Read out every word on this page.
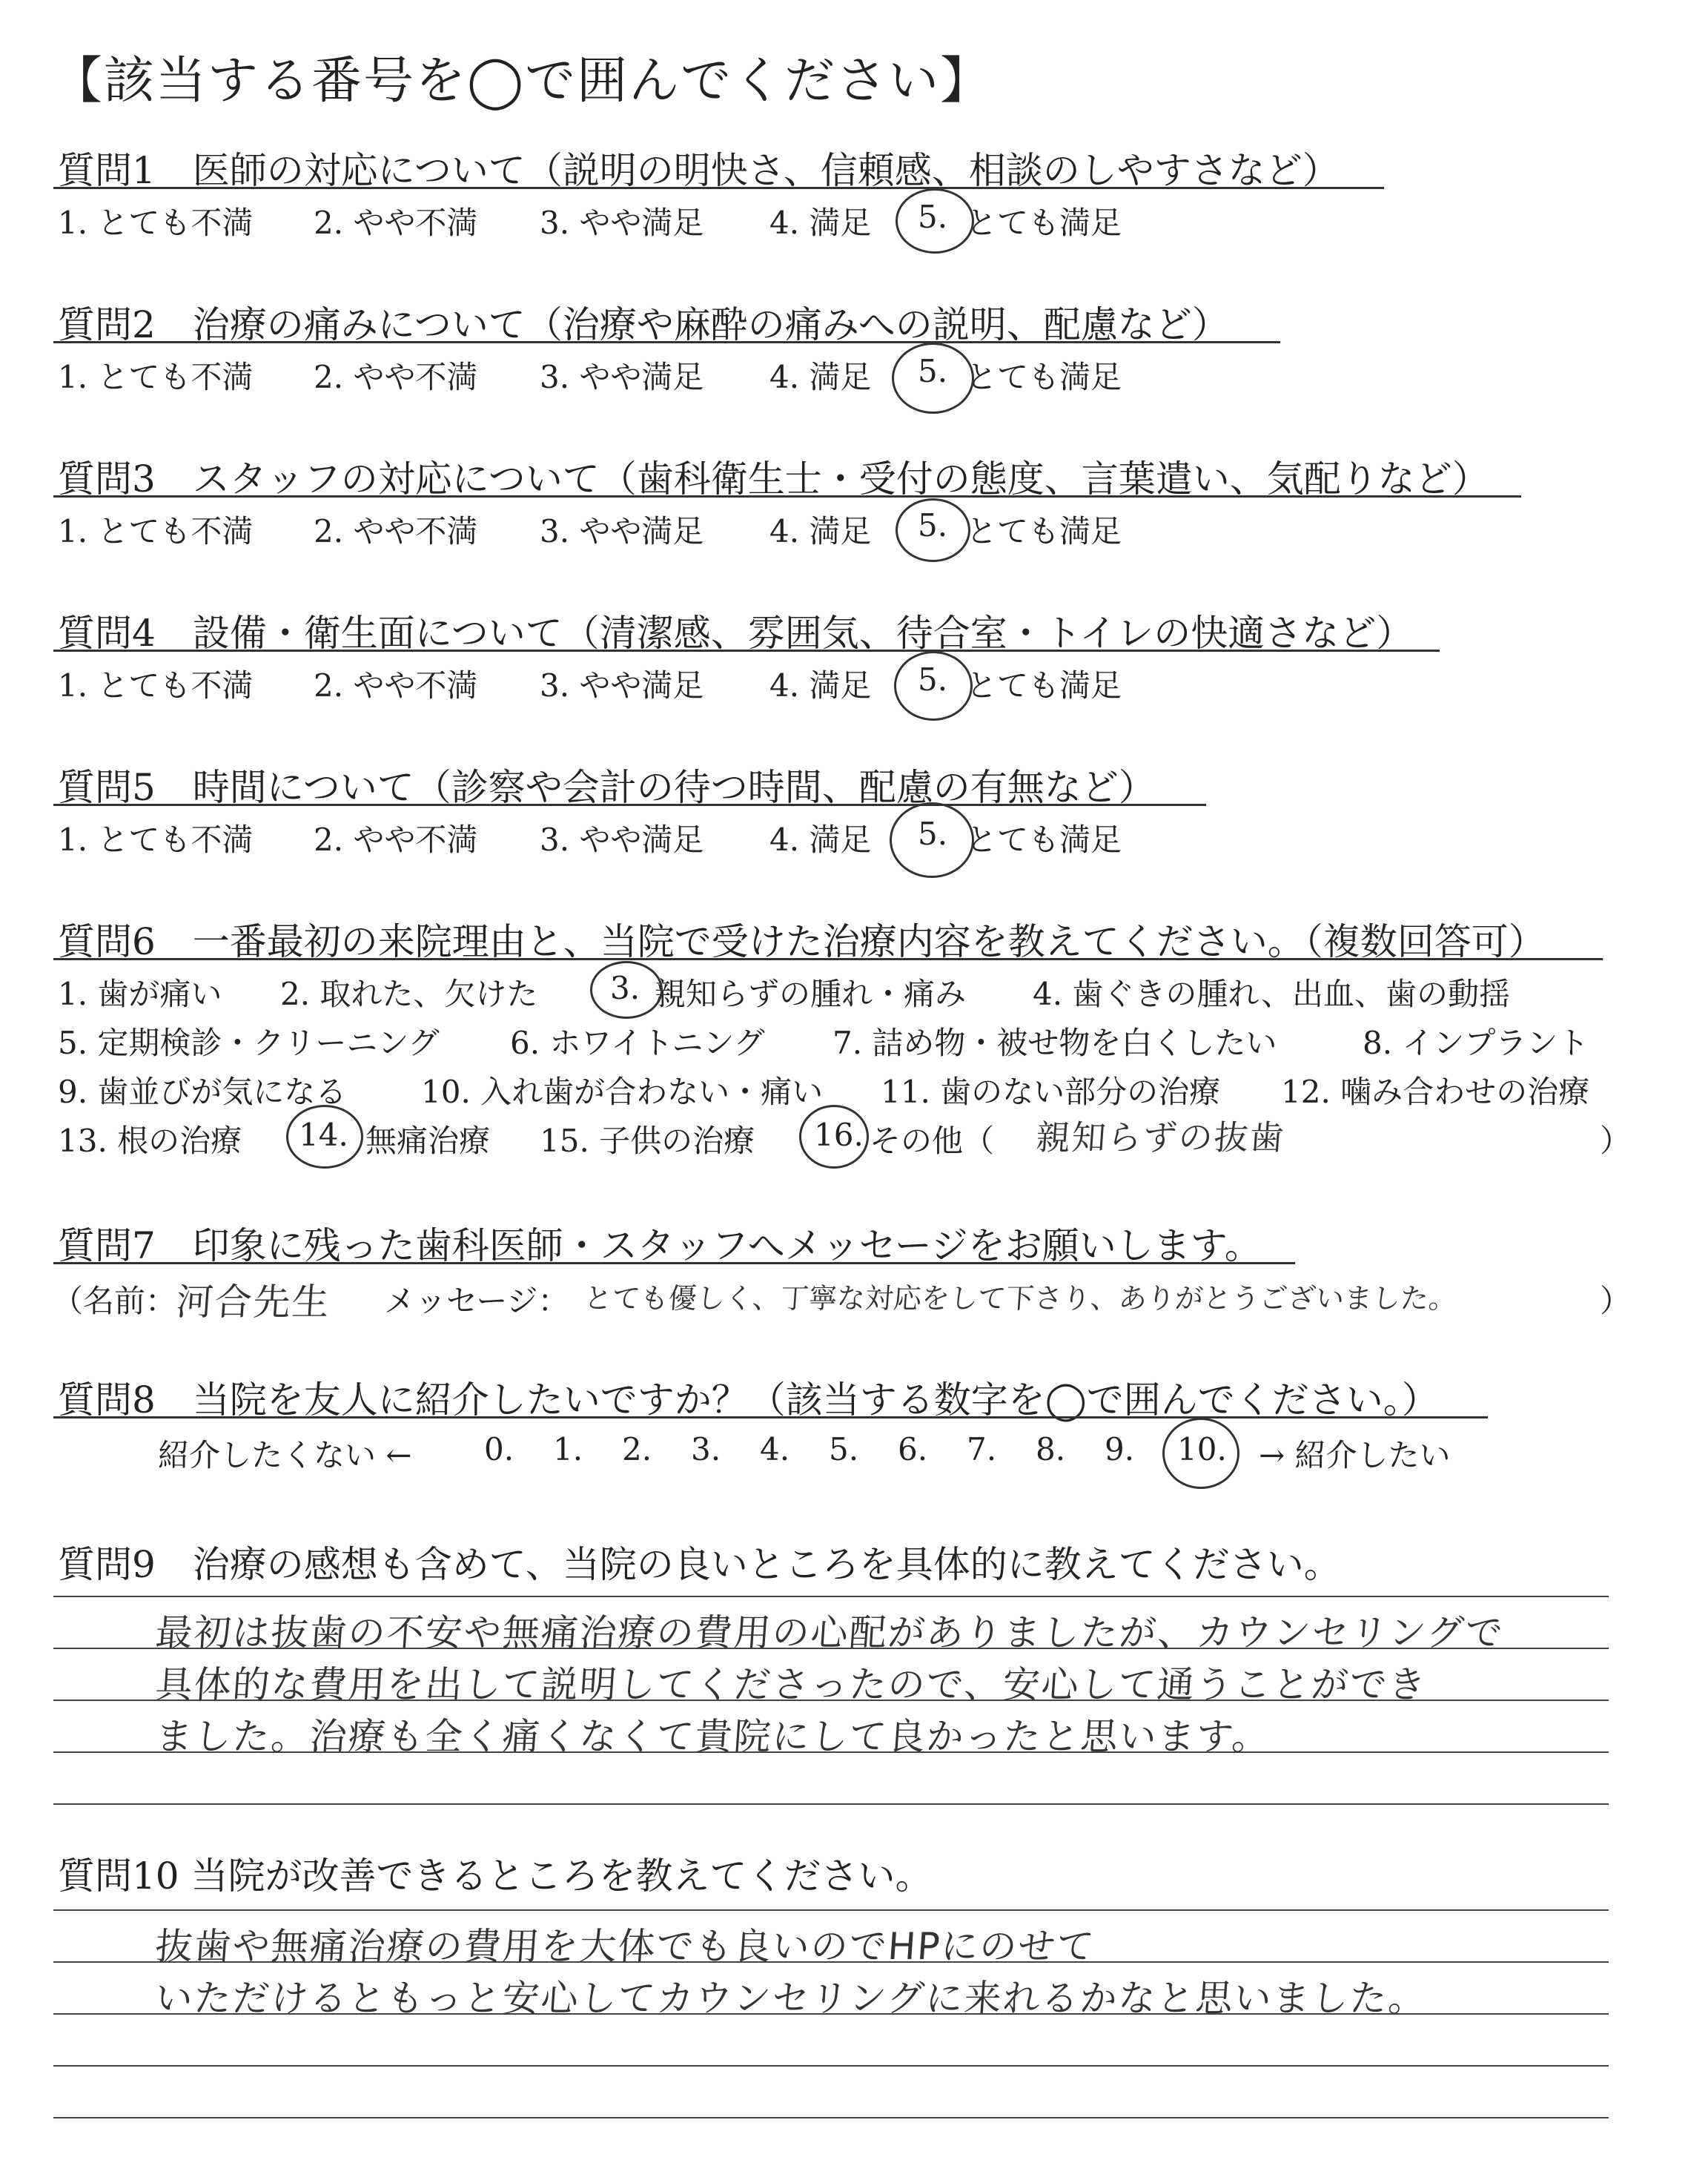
【該当する番号を◯で囲んでください】
質問1　医師の対応について（説明の明快さ、信頼感、相談のしやすさなど）
1. とても不満 2. やや不満 3. やや満足 4. 満足 5. とても満足
質問2　治療の痛みについて（治療や麻酔の痛みへの説明、配慮など）
1. とても不満 2. やや不満 3. やや満足 4. 満足 5. とても満足
質問3　スタッフの対応について（歯科衛生士・受付の態度、言葉遣い、気配りなど）
1. とても不満 2. やや不満 3. やや満足 4. 満足 5. とても満足
質問4　設備・衛生面について（清潔感、雰囲気、待合室・トイレの快適さなど）
1. とても不満 2. やや不満 3. やや満足 4. 満足 5. とても満足
質問5　時間について（診察や会計の待つ時間、配慮の有無など）
1. とても不満 2. やや不満 3. やや満足 4. 満足 5. とても満足
質問6　一番最初の来院理由と、当院で受けた治療内容を教えてください。（複数回答可）
1. 歯が痛い 2. 取れた、欠けた 3. 親知らずの腫れ・痛み 4. 歯ぐきの腫れ、出血、歯の動揺
5. 定期検診・クリーニング 6. ホワイトニング 7. 詰め物・被せ物を白くしたい	8. インプラント
9. 歯並びが気になる 10. 入れ歯が合わない・痛い 11. 歯のない部分の治療 12. 噛み合わせの治療
13. 根の治療 14. 無痛治療 15. 子供の治療 16. その他（ 親知らずの抜歯	）
質問7　印象に残った歯科医師・スタッフへメッセージをお願いします。
（名前：
河合先生 メッセージ： とても優しく、丁寧な対応をして下さり、ありがとうございました。	）
質問8　当院を友人に紹介したいですか？（該当する数字を◯で囲んでください。）
紹介したくない ← 0. 1. 2. 3. 4. 5. 6. 7. 8. 9. 10. → 紹介したい
質問9　治療の感想も含めて、当院の良いところを具体的に教えてください。
最初は抜歯の不安や無痛治療の費用の心配がありましたが、カウンセリングで
具体的な費用を出して説明してくださったので、安心して通うことができ
ました。治療も全く痛くなくて貴院にして良かったと思います。
質問10 当院が改善できるところを教えてください。
抜歯や無痛治療の費用を大体でも良いのでHPにのせて
いただけるともっと安心してカウンセリングに来れるかなと思いました。
